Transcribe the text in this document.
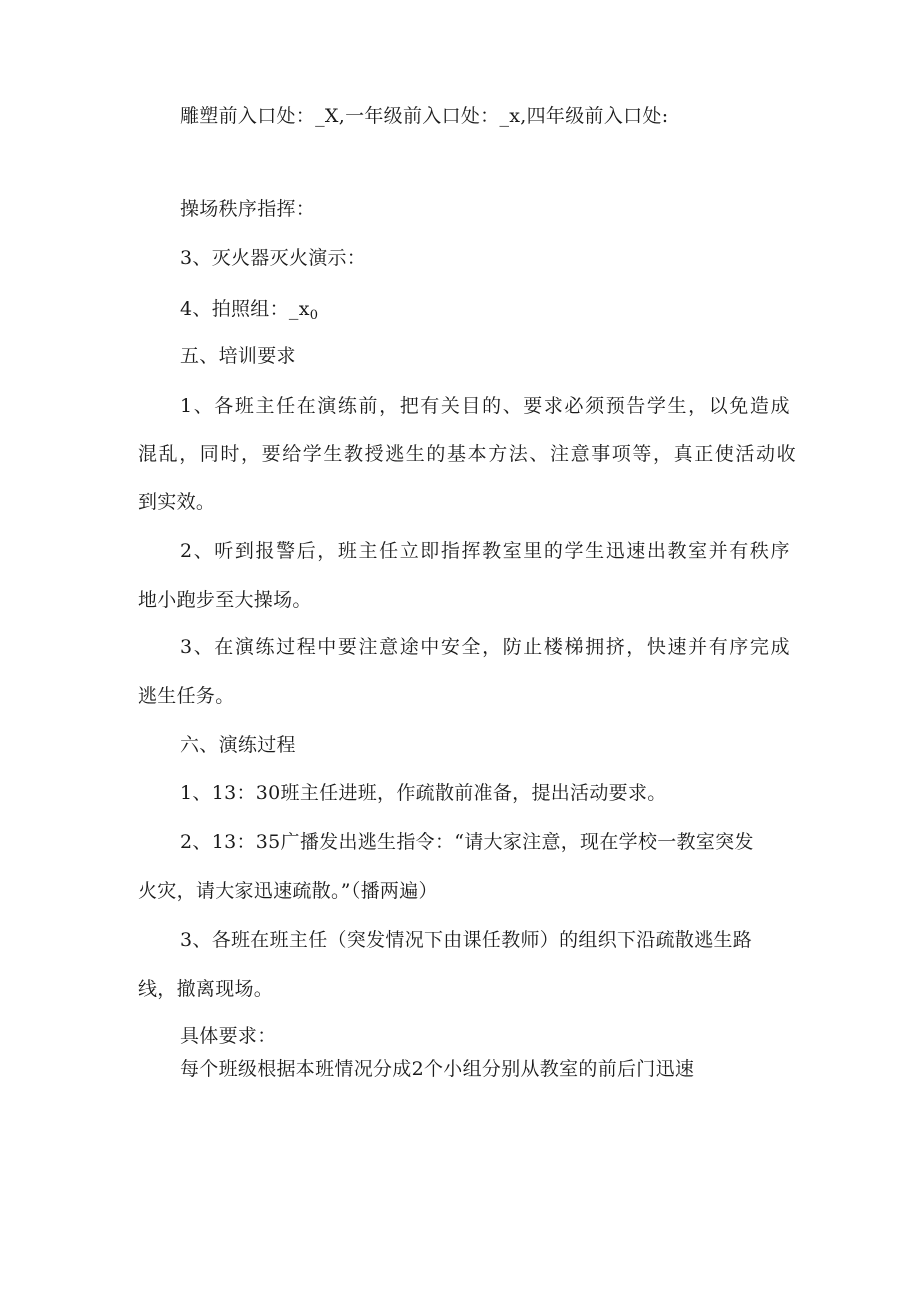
雕塑前入口处：_X,一年级前入口处：_x,四年级前入口处:
操场秩序指挥：
3、灭火器灭火演示：
4、拍照组：$\_x_0$
五、培训要求
1、各班主任在演练前，把有关目的、要求必须预告学生，以免造成
混乱，同时，要给学生教授逃生的基本方法、注意事项等，真正使活动收
到实效。
2、听到报警后，班主任立即指挥教室里的学生迅速出教室并有秩序
地小跑步至大操场。
3、在演练过程中要注意途中安全，防止楼梯拥挤，快速并有序完成
逃生任务。
六、演练过程
1、13：30班主任进班，作疏散前准备，提出活动要求。
2、13：35广播发出逃生指令：“请大家注意，现在学校一教室突发
火灾，请大家迅速疏散。”（播两遍）
3、各班在班主任（突发情况下由课任教师）的组织下沿疏散逃生路
线，撤离现场。
具体要求：
每个班级根据本班情况分成2个小组分别从教室的前后门迅速
